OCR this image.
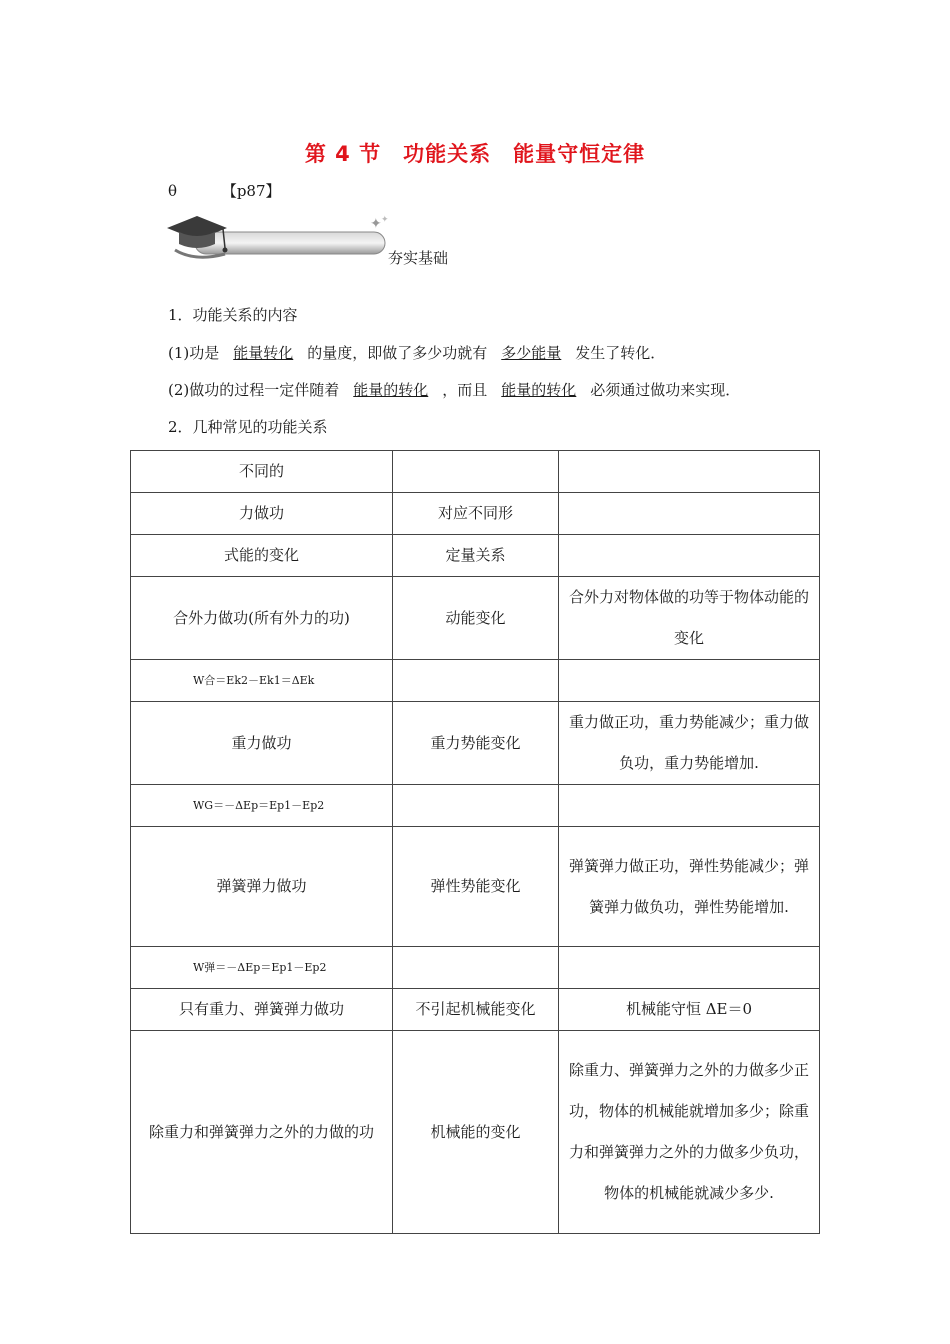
第 4 节　功能关系　能量守恒定律
θ	【p87】
✦ ✦
夯实基础
1．功能关系的内容
(1)功是 能量转化 的量度，即做了多少功就有 多少能量 发生了转化．
(2)做功的过程一定伴随着 能量的转化 ，而且 能量的转化 必须通过做功来实现．
2．几种常见的功能关系
不同的		
力做功	对应不同形	
式能的变化	定量关系	
合外力做功(所有外力的功)	动能变化	合外力对物体做的功等于物体动能的变化
W合＝Ek2－Ek1＝ΔEk		
重力做功	重力势能变化	重力做正功，重力势能减少；重力做负功，重力势能增加.
WG＝－ΔEp＝Ep1－Ep2		
弹簧弹力做功	弹性势能变化	弹簧弹力做正功，弹性势能减少；弹簧弹力做负功，弹性势能增加.
W弹＝－ΔEp＝Ep1－Ep2		
只有重力、弹簧弹力做功	不引起机械能变化	机械能守恒 ΔE＝0
除重力和弹簧弹力之外的力做的功	机械能的变化	除重力、弹簧弹力之外的力做多少正功，物体的机械能就增加多少；除重力和弹簧弹力之外的力做多少负功，物体的机械能就减少多少.
